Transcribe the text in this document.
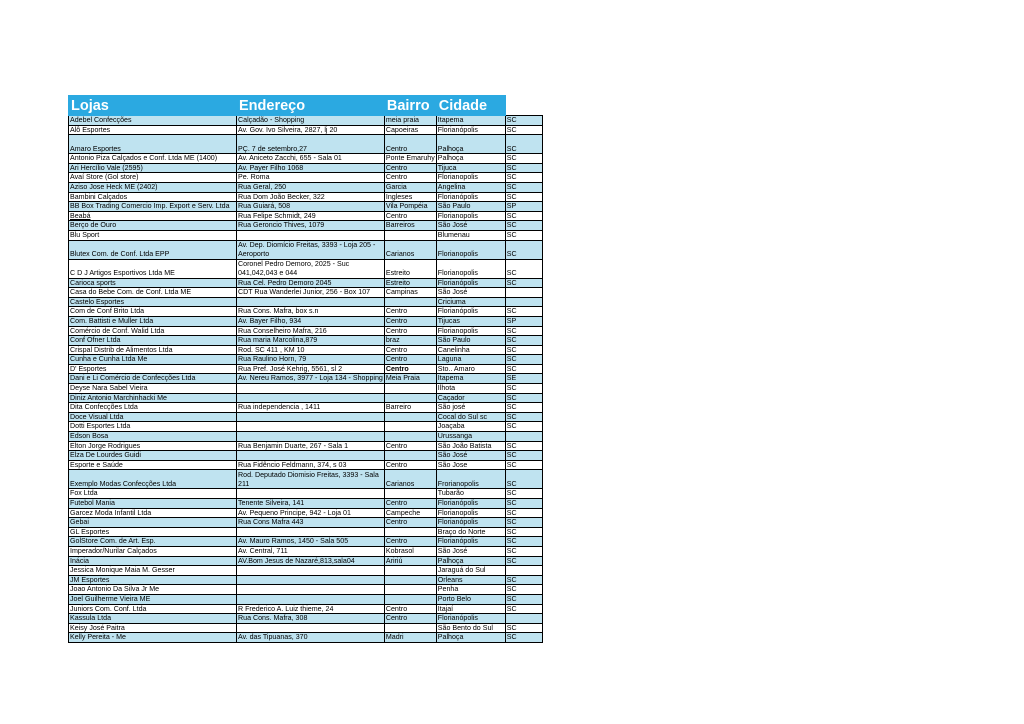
Lojas	Endereço	Bairro	Cidade	
Adebel Confecções	Calçadão - Shopping	meia praia	Itapema	SC
Alô Esportes	Av. Gov. Ivo Silveira, 2827, lj 20	Capoeiras	Florianópolis	SC
Amaro Esportes	PÇ. 7 de setembro,27	Centro	Palhoça	SC
Antonio Piza Calçados e Conf. Ltda ME (1400)	Av. Aniceto Zacchi, 655 - Sala 01	Ponte Emaruhy	Palhoça	SC
Ari Hercílio Vale (2595)	Av. Payer Filho 1068	Centro	Tijuca	SC
Avaí Store (Gol store)	Pe. Roma	Centro	Florianopolis	SC
Aziso Jose Heck ME (2402)	Rua Geral, 250	Garcia	Angelina	SC
Bambini Calçados	Rua Dom João Becker, 322	Ingleses	Florianópolis	SC
BB Box Trading Comercio Imp. Export e Serv. Ltda	Rua Guiará, 508	Vila Pompéia	São Paulo	SP
Beabá	Rua Felipe Schmidt, 249	Centro	Florianopolis	SC
Berço de Ouro	Rua Geroncio Thives, 1079	Barreiros	São José	SC
Blu Sport			Blumenau	SC
Blutex Com. de Conf. Ltda EPP	Av. Dep. Diomício Freitas, 3393 - Loja 205 - Aeroporto	Carianos	Florianopolis	SC
C D J Artigos Esportivos Ltda ME	Coronel Pedro Demoro, 2025 - Suc 041,042,043 e 044	Estreito	Florianopolis	SC
Carioca sports	Rua Cel. Pedro Demoro 2045	Estreito	Florianópolis	SC
Casa do Bebe Com. de Conf. Ltda ME	CDT Rua Wanderlei Junior, 256 - Box 107	Campinas	São José	
Castelo Esportes			Criciuma	
Com de Conf Brito Ltda	Rua Cons. Mafra, box s.n	Centro	Florianópolis	SC
Com. Battisti e Muller Ltda	Av. Bayer Filho, 934	Centro	Tijucas	SP
Comércio de Conf. Walid Ltda	Rua Conselheiro Mafra, 216	Centro	Florianopolis	SC
Conf Ofner Ltda	Rua maria Marcolina,879	braz	São Paulo	SC
Crispal Distrib de Alimentos Ltda	Rod. SC 411 , KM 10	Centro	Canelinha	SC
Cunha e Cunha Ltda Me	Rua Raulino Horn, 79	Centro	Laguna	SC
D' Esportes	Rua Pref. José Kehrig, 5561, sl 2	Centro	Sto.. Amaro	SC
Dani e Li Comércio de Confecções Ltda	Av. Nereu Ramos, 3977 - Loja 134 - Shopping	Meia Praia	Itapema	SE
Deyse Nara Sabel Vieira			Ilhota	SC
Diniz Antonio Marchinhacki Me			Caçador	SC
Dita Confecções Ltda	Rua independencia , 1411	Barreiro	São josé	SC
Doce Visual Ltda			Cocal do Sul sc	SC
Dotti Esportes Ltda			Joaçaba	SC
Edson Bosa			Urussanga	
Elton Jorge Rodrigues	Rua Benjamin Duarte, 267 - Sala 1	Centro	São João Batista	SC
Elza De Lourdes Guidi			São José	SC
Esporte e Saúde	Rua Fidêncio Feldmann, 374, s 03	Centro	São Jose	SC
Exemplo Modas Confecções Ltda	Rod. Deputado Diomisio Freitas, 3393 - Sala 211	Carianos	Frorianopolis	SC
Fox Ltda			Tubarão	SC
Futebol Mania	Tenente Silveira, 141	Centro	Florianópolis	SC
Garcez Moda Infantil Ltda	Av. Pequeno Principe, 942 - Loja 01	Campeche	Florianopolis	SC
Gebai	Rua Cons Mafra 443	Centro	Florianópolis	SC
GL Esportes			Braço do Norte	SC
GolStore Com. de Art. Esp.	Av. Mauro Ramos, 1450 - Sala 505	Centro	Florianópolis	SC
Imperador/Nurilar Calçados	Av. Central, 711	Kobrasol	São José	SC
Inácia	AV.Bom Jesus de Nazaré,813,sala04	Aririú	Palhoça	SC
Jessica Monique Maia M. Gesser			Jaraguá do Sul	
JM Esportes			Orleans	SC
Joao Antonio Da Silva Jr Me			Penha	SC
Joel Guilherme Vieira ME			Porto Belo	SC
Juniors Com. Conf. Ltda	R Frederico A. Luiz thieme, 24	Centro	Itajaí	SC
Kassula Ltda	Rua Cons. Mafra, 308	Centro	Florianópolis	
Keisy José Paitra			São Bento do Sul	SC
Kelly Pereita - Me	Av. das Tipuanas, 370	Madri	Palhoça	SC
